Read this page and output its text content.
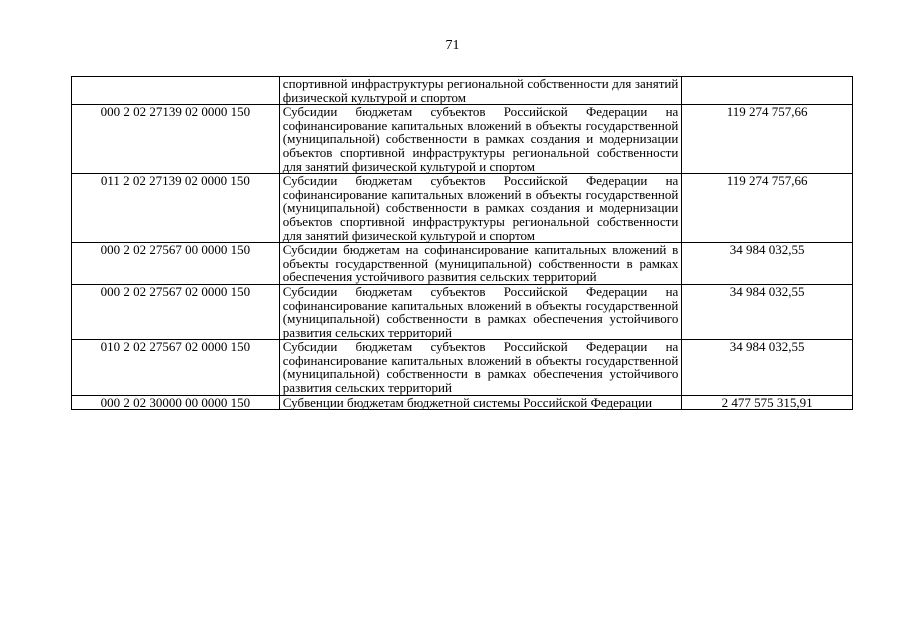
71
	спортивной инфраструктуры региональной собственности для занятий физической культурой и спортом	
000 2 02 27139 02 0000 150	Субсидии бюджетам субъектов Российской Федерации на софинансирование капитальных вложений в объекты государственной (муниципальной) собственности в рамках создания и модернизации объектов спортивной инфраструктуры региональной собственности для занятий физической культурой и спортом	119 274 757,66
011 2 02 27139 02 0000 150	Субсидии бюджетам субъектов Российской Федерации на софинансирование капитальных вложений в объекты государственной (муниципальной) собственности в рамках создания и модернизации объектов спортивной инфраструктуры региональной собственности для занятий физической культурой и спортом	119 274 757,66
000 2 02 27567 00 0000 150	Субсидии бюджетам на софинансирование капитальных вложений в объекты государственной (муниципальной) собственности в рамках обеспечения устойчивого развития сельских территорий	34 984 032,55
000 2 02 27567 02 0000 150	Субсидии бюджетам субъектов Российской Федерации на софинансирование капитальных вложений в объекты государственной (муниципальной) собственности в рамках обеспечения устойчивого развития сельских территорий	34 984 032,55
010 2 02 27567 02 0000 150	Субсидии бюджетам субъектов Российской Федерации на софинансирование капитальных вложений в объекты государственной (муниципальной) собственности в рамках обеспечения устойчивого развития сельских территорий	34 984 032,55
000 2 02 30000 00 0000 150	Субвенции бюджетам бюджетной системы Российской Федерации	2 477 575 315,91
